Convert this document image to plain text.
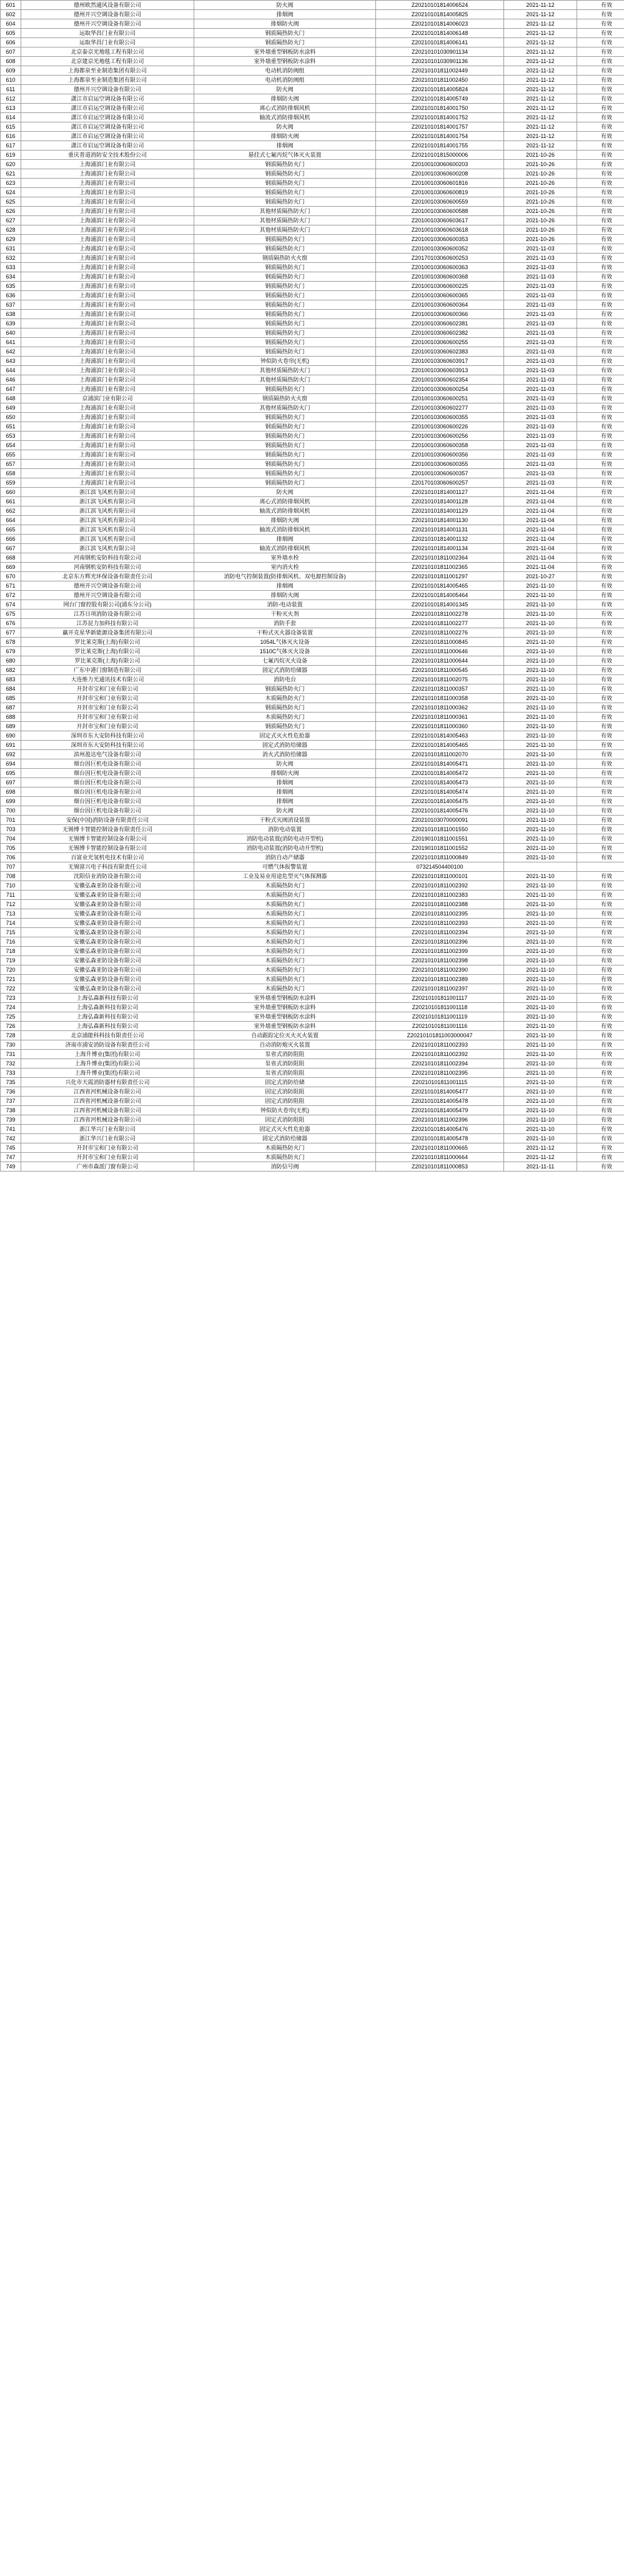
601	德州欧然通风设备有限公司	防火阀	Z20210101814006524	2021-11-12	有效
602	德州开兴空调设备有限公司	排烟阀	Z20210101814005825	2021-11-12	有效
604	德州开兴空调设备有限公司	排烟防火阀	Z20210101814006023	2021-11-12	有效
605	运取华昌门业有限公司	钢质隔热防火门	Z20210101814006148	2021-11-12	有效
606	运取华昌门业有限公司	钢质隔热防火门	Z20210101814006141	2021-11-12	有效
607	北京泰京光地毯工程有限公司	室外墙重型钢板防水涂料	Z20210101030901134	2021-11-12	有效
608	北京建京光地毯工程有限公司	室外墙重型钢板防水涂料	Z20210101030901136	2021-11-12	有效
609	上海都泉至业制造集团有限公司	电动机消防阀组	Z20210101811002449	2021-11-12	有效
610	上海都泉至业制造集团有限公司	电动机消防阀组	Z20210101811002450	2021-11-12	有效
611	德州开兴空调设备有限公司	防火阀	Z20210101814005824	2021-11-12	有效
612	潇江市启运空调设备有限公司	排烟防火阀	Z20210101814005749	2021-11-12	有效
613	潇江市启运空调设备有限公司	离心式消防排烟风机	Z20210101814001750	2021-11-12	有效
614	潇江市启运空调设备有限公司	轴流式消防排烟风机	Z20210101814001752	2021-11-12	有效
615	潇江市启运空调设备有限公司	防火阀	Z20210101814001757	2021-11-12	有效
616	潇江市启运空调设备有限公司	排烟防火阀	Z20210101814001754	2021-11-12	有效
617	潇江市启运空调设备有限公司	排烟阀	Z20210101814001755	2021-11-12	有效
619	重庆普道消防安全技术股份公司	悬挂式七氟丙烷气体灭火装置	Z20210101815000006	2021-10-26	有效
620	上海浦滨门业有限公司	钢质隔热防火门	Z20100103060600203	2021-10-26	有效
621	上海浦滨门业有限公司	钢质隔热防火门	Z20100103060600208	2021-10-26	有效
623	上海浦滨门业有限公司	钢质隔热防火门	Z20100103060601816	2021-10-26	有效
624	上海浦滨门业有限公司	钢质隔热防火门	Z20100103060600819	2021-10-26	有效
625	上海浦滨门业有限公司	钢质隔热防火门	Z20100103060600559	2021-10-26	有效
626	上海浦滨门业有限公司	其他材质隔热防火门	Z20100103060600588	2021-10-26	有效
627	上海浦滨门业有限公司	其他材质隔热防火门	Z20100103060603617	2021-10-26	有效
628	上海浦滨门业有限公司	其他材质隔热防火门	Z20100103060603618	2021-10-26	有效
629	上海浦滨门业有限公司	钢质隔热防火门	Z20100103060600353	2021-10-26	有效
631	上海浦滨门业有限公司	钢质隔热防火门	Z20100103060600352	2021-11-03	有效
632	上海浦滨门业有限公司	钢质隔热防火火窗	Z20170103060600253	2021-11-03	有效
633	上海浦滨门业有限公司	钢质隔热防火门	Z20100103060600363	2021-11-03	有效
634	上海浦滨门业有限公司	钢质隔热防火门	Z20100103060600368	2021-11-03	有效
635	上海浦滨门业有限公司	钢质隔热防火门	Z20100103060600225	2021-11-03	有效
636	上海浦滨门业有限公司	钢质隔热防火门	Z20100103060600365	2021-11-03	有效
637	上海浦滨门业有限公司	钢质隔热防火门	Z20100103060600364	2021-11-03	有效
638	上海浦滨门业有限公司	钢质隔热防火门	Z20100103060600366	2021-11-03	有效
639	上海浦滨门业有限公司	钢质隔热防火门	Z20100103060602381	2021-11-03	有效
640	上海浦滨门业有限公司	钢质隔热防火门	Z20100103060602382	2021-11-03	有效
641	上海浦滨门业有限公司	钢质隔热防火门	Z20100103060600255	2021-11-03	有效
642	上海浦滨门业有限公司	钢质隔热防火门	Z20100103060602383	2021-11-03	有效
643	上海浦滨门业有限公司	钟似防火卷帘(无机)	Z20100103060603917	2021-11-03	有效
644	上海浦滨门业有限公司	其他材质隔热防火门	Z20100103060603913	2021-11-03	有效
646	上海浦滨门业有限公司	其他材质隔热防火门	Z20100103060602354	2021-11-03	有效
647	上海浦滨门业有限公司	钢质隔热防火门	Z20100103060600254	2021-11-03	有效
648	京浦滨门业有限公司	钢质隔热防火火窗	Z20100103060600251	2021-11-03	有效
649	上海浦滨门业有限公司	其他材质隔热防火门	Z20100103060602277	2021-11-03	有效
650	上海浦滨门业有限公司	钢质隔热防火门	Z20100103060600355	2021-11-03	有效
651	上海浦滨门业有限公司	钢质隔热防火门	Z20100103060600226	2021-11-03	有效
653	上海浦滨门业有限公司	钢质隔热防火门	Z20100103060600256	2021-11-03	有效
654	上海浦滨门业有限公司	钢质隔热防火门	Z20100103060600358	2021-11-03	有效
655	上海浦滨门业有限公司	钢质隔热防火门	Z20100103060600356	2021-11-03	有效
657	上海浦滨门业有限公司	钢质隔热防火门	Z20100103060600355	2021-11-03	有效
658	上海浦滨门业有限公司	钢质隔热防火门	Z20100103060600357	2021-11-03	有效
659	上海浦滨门业有限公司	钢质隔热防火门	Z20170103060600257	2021-11-03	有效
660	浙江滨飞风机有限公司	防火阀	Z20210101814001127	2021-11-04	有效
661	浙江滨飞风机有限公司	离心式消防排烟风机	Z20210101814001128	2021-11-04	有效
662	浙江滨飞风机有限公司	轴流式消防排烟风机	Z20210101814001129	2021-11-04	有效
664	浙江滨飞风机有限公司	排烟防火阀	Z20210101814001130	2021-11-04	有效
665	浙江滨飞风机有限公司	轴流式消防排烟风机	Z20210101814001131	2021-11-04	有效
666	浙江滨飞风机有限公司	排烟阀	Z20210101814001132	2021-11-04	有效
667	浙江滨飞风机有限公司	轴流式消防排烟风机	Z20210101814001134	2021-11-04	有效
668	河南钢机安防科技有限公司	室外墙水栓	Z20210101811002364	2021-11-04	有效
669	河南钢机安防科技有限公司	室内消火栓	Z20210101811002365	2021-11-04	有效
670	北京东方辉光环保设备有限责任公司	消防电气控制装置(防排烟风机、双电源控制设备)	Z20210101811001297	2021-10-27	有效
671	德州开兴空调设备有限公司	排烟阀	Z20210101814005465	2021-11-10	有效
672	德州开兴空调设备有限公司	排烟防火阀	Z20210101814005464	2021-11-10	有效
674	网台门窗控股有限公司(浦东分公司)	消防-电动装置	Z20210101814001345	2021-11-10	有效
675	江苏日项消防设备有限公司	干粉灭火剂	Z20210101811002278	2021-11-10	有效
676	江苏昆力加科技有限公司	消防手套	Z20210101811002277	2021-11-10	有效
677	赢开克星华新能源设备集团有限公司	干粉式灭火器设备装置	Z20210101811002276	2021-11-10	有效
678	罗比莱克斯(上海)有限公司	1054L气体灭火设备	Z20210101811000845	2021-11-10	有效
679	罗比莱克斯(上海)有限公司	1510C气体灭火设备	Z20210101811000646	2021-11-10	有效
680	罗比莱克斯(上海)有限公司	七氟丙烷灭火设备	Z20210101811000644	2021-11-10	有效
682	广东中港门窗制造有限公司	固定式消防给储器	Z20210101811000545	2021-11-10	有效
683	大连维力光通讯技术有限公司	消防电台	Z20210101811002075	2021-11-10	有效
684	开封市宝和门业有限公司	钢质隔热防火门	Z20210101811000357	2021-11-10	有效
685	开封市宝和门业有限公司	木质隔热防火门	Z20210101811000358	2021-11-10	有效
687	开封市宝和门业有限公司	钢质隔热防火门	Z20210101811000362	2021-11-10	有效
688	开封市宝和门业有限公司	木质隔热防火门	Z20210101811000361	2021-11-10	有效
689	开封市宝和门业有限公司	钢质隔热防火门	Z20210101811000360	2021-11-10	有效
690	深圳市东大安防科技有限公司	固定式灭火性危抢器	Z20210101814005463	2021-11-10	有效
691	深圳市东大安防科技有限公司	固定式消防给储器	Z20210101814005465	2021-11-10	有效
692	滨州盈达电气设备有限公司	消火式消防给储器	Z20210101811002070	2021-11-10	有效
694	烟台因巨机电设备有限公司	防火阀	Z20210101814005471	2021-11-10	有效
695	烟台因巨机电设备有限公司	排烟防火阀	Z20210101814005472	2021-11-10	有效
697	烟台因巨机电设备有限公司	排烟阀	Z20210101814005473	2021-11-10	有效
698	烟台因巨机电设备有限公司	排烟阀	Z20210101814005474	2021-11-10	有效
699	烟台因巨机电设备有限公司	排烟阀	Z20210101814005475	2021-11-10	有效
700	烟台因巨机电设备有限公司	防火阀	Z20210101814005476	2021-11-10	有效
701	安保(中国)消防设备有限责任公司	干粉式灭阀消设装置	Z20210103070000091	2021-11-10	有效
703	无锡博卡智能控制设备有限责任公司	消防电动装置	Z20210101811001550	2021-11-10	有效
704	无锡博卡智能控制设备有限公司	消防电动装置(消防电动开型机)	Z20190101811001551	2021-11-10	有效
705	无锡博卡智能控制设备有限公司	消防电动装置(消防电动开型机)	Z20190101811001552	2021-11-10	有效
706	百富业光氢机电技术有限公司	消防自动产储器	Z20210101811000849	2021-11-10	有效
707	无锡富兴电子科技有限责任公司	可燃气体报警装置	073214504400100		
708	沈阳信业消防设备有限公司	工业及易业用途危型灭气体探测器	Z20210101811000101	2021-11-10	有效
710	安徽弘森亚防设备有限公司	木质隔热防火门	Z20210101811002392	2021-11-10	有效
711	安徽弘森亚防设备有限公司	木质隔热防火门	Z20210101811002383	2021-11-10	有效
712	安徽弘森亚防设备有限公司	木质隔热防火门	Z20210101811002388	2021-11-10	有效
713	安徽弘森亚防设备有限公司	木质隔热防火门	Z20210101811002395	2021-11-10	有效
714	安徽弘森亚防设备有限公司	木质隔热防火门	Z20210101811002393	2021-11-10	有效
715	安徽弘森亚防设备有限公司	木质隔热防火门	Z20210101811002394	2021-11-10	有效
716	安徽弘森亚防设备有限公司	木质隔热防火门	Z20210101811002396	2021-11-10	有效
718	安徽弘森亚防设备有限公司	木质隔热防火门	Z20210101811002399	2021-11-10	有效
719	安徽弘森亚防设备有限公司	木质隔热防火门	Z20210101811002398	2021-11-10	有效
720	安徽弘森亚防设备有限公司	木质隔热防火门	Z20210101811002390	2021-11-10	有效
721	安徽弘森亚防设备有限公司	木质隔热防火门	Z20210101811002389	2021-11-10	有效
722	安徽弘森亚防设备有限公司	木质隔热防火门	Z20210101811002397	2021-11-10	有效
723	上海弘森新科技有限公司	室外墙重型钢板防水涂料	Z20210101811001117	2021-11-10	有效
724	上海弘森新科技有限公司	室外墙重型钢板防水涂料	Z20210101811001118	2021-11-10	有效
725	上海弘森新科技有限公司	室外墙重型钢板防水涂料	Z20210101811001119	2021-11-10	有效
726	上海弘森新科技有限公司	室外墙重型钢板防水涂料	Z20210101811001116	2021-11-10	有效
728	北京浦能科科技有限责任公司	自动跟踪定位灭火灭火装置	Z20210101811003000047	2021-11-10	有效
730	济南市浦安消防设备有限责任公司	自动消防炮灭火装置	Z20210101811002393	2021-11-10	有效
731	上海升博业(集团)有限公司	泵省式消防阻阻	Z20210101811002392	2021-11-10	有效
732	上海升博业(集团)有限公司	泵省式消防阻阻	Z20210101811002394	2021-11-10	有效
733	上海升博业(集团)有限公司	泵省式消防阻阻	Z20210101811002395	2021-11-10	有效
735	兴化市天霞消防器材有限责任公司	固定式消防给储	Z20210101811001115	2021-11-10	有效
736	江西省河机械设备有限公司	固定式消防阻阻	Z20210101814005477	2021-11-10	有效
737	江西省河机械设备有限公司	固定式消防阻阻	Z20210101814005478	2021-11-10	有效
738	江西省河机械设备有限公司	钟似防火卷帘(无机)	Z20210101814005479	2021-11-10	有效
739	江西省河机械设备有限公司	固定式消防阻阻	Z20210101811002396	2021-11-10	有效
741	浙江华兴门业有限公司	固定式灭火性危抢器	Z20210101814005476	2021-11-10	有效
742	浙江华兴门业有限公司	固定式消防给储器	Z20210101814005478	2021-11-10	有效
745	开封市宝和门业有限公司	木质隔热防火门	Z20210101811000665	2021-11-12	有效
747	开封市宝和门业有限公司	木质隔热防火门	Z20210101811000664	2021-11-12	有效
749	广州市森派门窗有限公司	消防信号阀	Z20210101811000853	2021-11-11	有效
